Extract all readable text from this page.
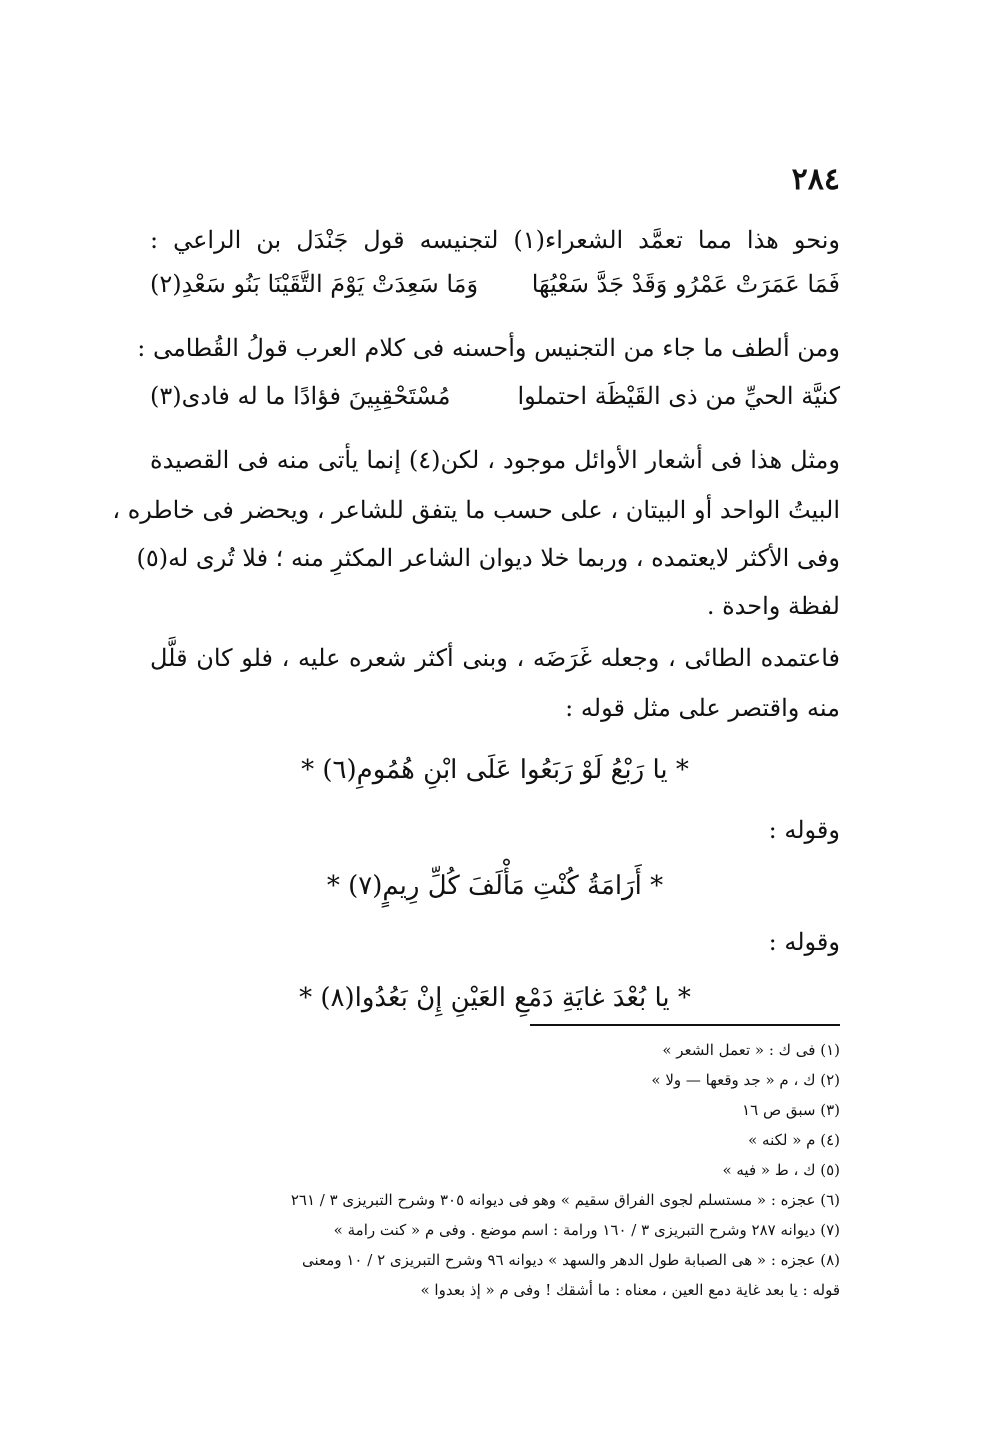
٢٨٤
ونحو هذا مما تعمَّد الشعراء(١) لتجنيسه قول جَنْدَل بن الراعي :
فَمَا عَمَرَتْ عَمْرُو وَقَدْ جَدَّ سَعْيُهَا
وَمَا سَعِدَتْ يَوْمَ التَّقَيْنَا بَنُو سَعْدِ(٢)
ومن ألطف ما جاء من التجنيس وأحسنه فى كلام العرب قولُ القُطامى :
كنيَّة الحيِّ من ذى القَيْظَة احتملوا
مُسْتَحْقِبِينَ فؤادًا ما له فادى(٣)
ومثل هذا فى أشعار الأوائل موجود ، لكن(٤) إنما يأتى منه فى القصيدة
البيتُ الواحد أو البيتان ، على حسب ما يتفق للشاعر ، ويحضر فى خاطره ،
وفى الأكثر لايعتمده ، وربما خلا ديوان الشاعر المكثرِ منه ؛ فلا تُرى له(٥)
لفظة واحدة .
فاعتمده الطائى ، وجعله غَرَضَه ، وبنى أكثر شعره عليه ، فلو كان قلَّل
منه واقتصر على مثل قوله :
* يا رَبْعُ لَوْ رَبَعُوا عَلَى ابْنِ هُمُومِ(٦) *
وقوله :
* أَرَامَةُ كُنْتِ مَأْلَفَ كُلِّ رِيمٍ(٧) *
وقوله :
* يا بُعْدَ غايَةِ دَمْعِ العَيْنِ إِنْ بَعُدُوا(٨) *
(١) فى ك : « تعمل الشعر »
(٢) ك ، م « جد وقعها — ولا »
(٣) سبق ص ١٦
(٤) م « لكنه »
(٥) ك ، ط « فيه »
(٦) عجزه : « مستسلم لجوى الفراق سقيم » وهو فى ديوانه ٣٠٥ وشرح التبريزى ٣ / ٢٦١
(٧) ديوانه ٢٨٧ وشرح التبريزى ٣ / ١٦٠ ورامة : اسم موضع . وفى م « كنت رامة »
(٨) عجزه : « هى الصبابة طول الدهر والسهد » ديوانه ٩٦ وشرح التبريزى ٢ / ١٠ ومعنى
قوله : يا بعد غاية دمع العين ، معناه : ما أشقك ! وفى م « إذ بعدوا »
